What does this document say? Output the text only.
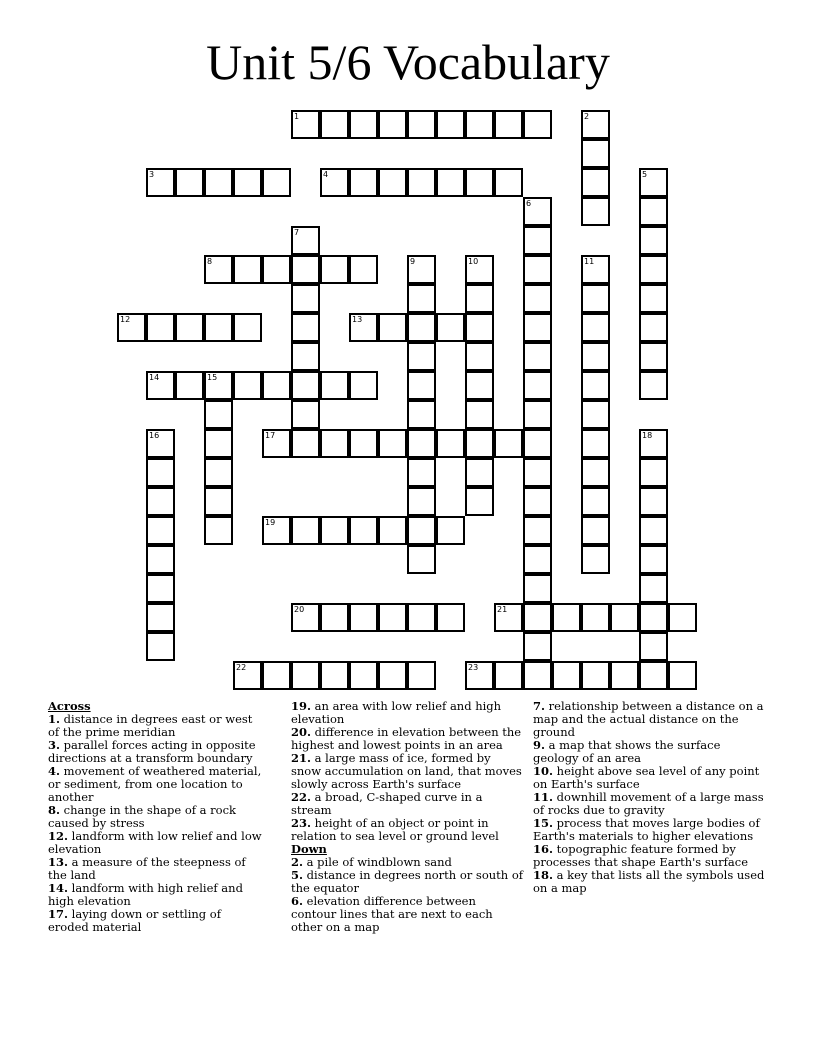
Unit 5/6 Vocabulary
1	2
3	4	5
6
7
8	9	10	11
12	13
14	15
16	17	18
19
20	21
22	23
Across
1. distance in degrees east or west of the prime meridian
3. parallel forces acting in opposite directions at a transform boundary
4. movement of weathered material, or sediment, from one location to another
8. change in the shape of a rock caused by stress
12. landform with low relief and low elevation
13. a measure of the steepness of the land
14. landform with high relief and high elevation
17. laying down or settling of eroded material
19. an area with low relief and high elevation
20. difference in elevation between the highest and lowest points in an area
21. a large mass of ice, formed by snow accumulation on land, that moves slowly across Earth's surface
22. a broad, C-shaped curve in a stream
23. height of an object or point in relation to sea level or ground level
Down
2. a pile of windblown sand
5. distance in degrees north or south of the equator
6. elevation difference between contour lines that are next to each other on a map
7. relationship between a distance on a map and the actual distance on the ground
9. a map that shows the surface geology of an area
10. height above sea level of any point on Earth's surface
11. downhill movement of a large mass of rocks due to gravity
15. process that moves large bodies of Earth's materials to higher elevations
16. topographic feature formed by processes that shape Earth's surface
18. a key that lists all the symbols used on a map
